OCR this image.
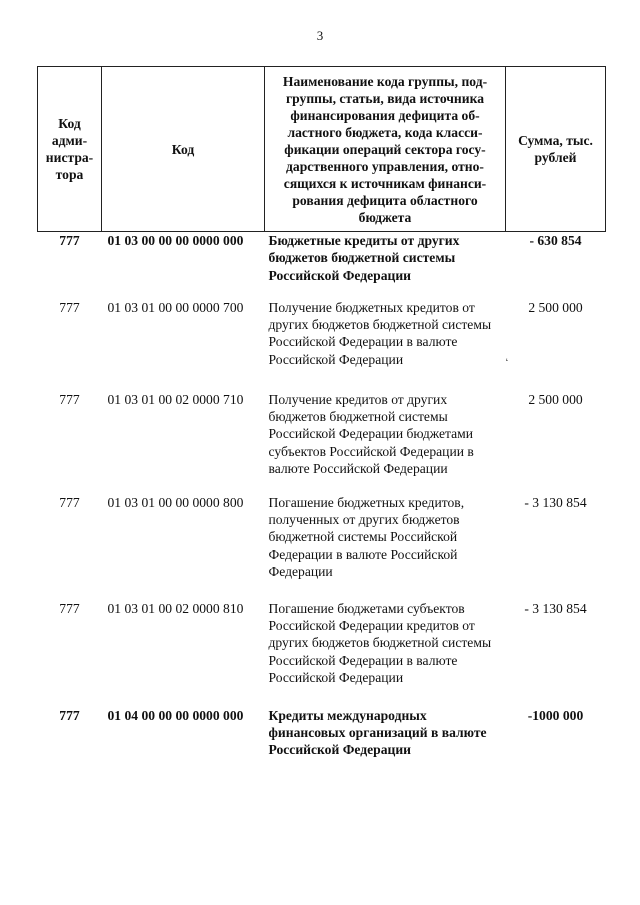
3
Код адми-нистра-тора	Код	Наименование кода группы, под-группы, статьи, вида источника финансирования дефицита об-ластного бюджета, кода класси-фикации операций сектора госу-дарственного управления, отно-сящихся к источникам финанси-рования дефицита областного бюджета	Сумма, тыс. рублей
777	01 03 00 00 00 0000 000	Бюджетные кредиты от других бюджетов бюджетной системы Российской Федерации	- 630 854
777	01 03 01 00 00 0000 700	Получение бюджетных кредитов от других бюджетов бюджетной системы Российской Федерации в валюте Российской Федерации	2 500 000
777	01 03 01 00 02 0000 710	Получение кредитов от других бюджетов бюджетной системы Российской Федерации бюджетами субъектов Российской Федерации в валюте Российской Федерации	2 500 000
777	01 03 01 00 00 0000 800	Погашение бюджетных кредитов, полученных от других бюджетов бюджетной системы Российской Федерации в валюте Российской Федерации	- 3 130 854
777	01 03 01 00 02 0000 810	Погашение бюджетами субъектов Российской Федерации кредитов от других бюджетов бюджетной системы Российской Федерации в валюте Российской Федерации	- 3 130 854
777	01 04 00 00 00 0000 000	Кредиты международных финансовых организаций в валюте Российской Федерации	-1000 000
‘
